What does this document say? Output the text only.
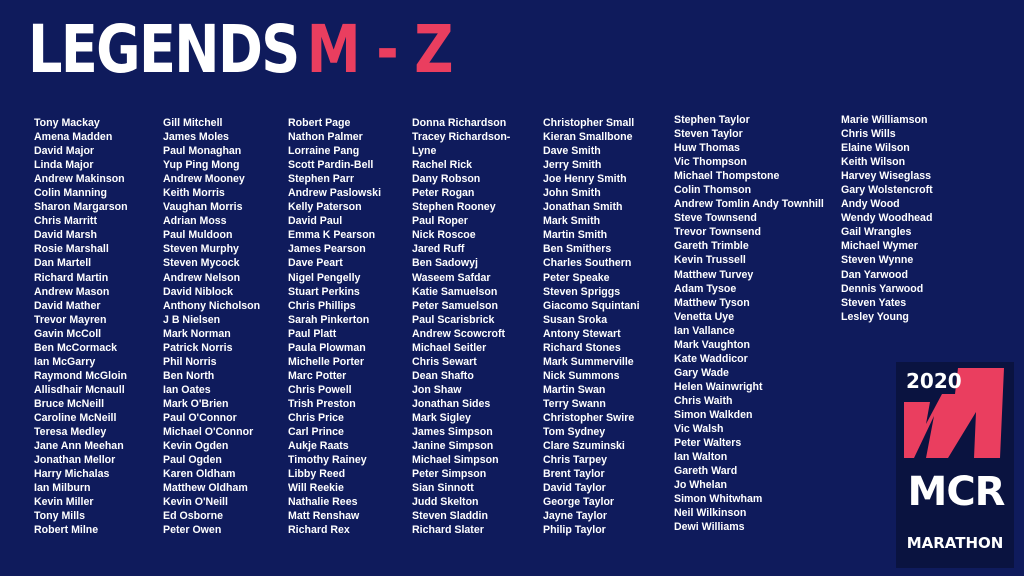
LEGENDS M - Z
Tony Mackay
Amena Madden
David Major
Linda Major
Andrew Makinson
Colin Manning
Sharon Margarson
Chris Marritt
David Marsh
Rosie Marshall
Dan Martell
Richard Martin
Andrew Mason
David Mather
Trevor Mayren
Gavin McColl
Ben McCormack
Ian McGarry
Raymond McGloin
Allisdhair Mcnaull
Bruce McNeill
Caroline McNeill
Teresa Medley
Jane Ann Meehan
Jonathan Mellor
Harry Michalas
Ian Milburn
Kevin Miller
Tony Mills
Robert Milne
Gill Mitchell
James Moles
Paul Monaghan
Yup Ping Mong
Andrew Mooney
Keith Morris
Vaughan Morris
Adrian Moss
Paul Muldoon
Steven Murphy
Steven Mycock
Andrew Nelson
David Niblock
Anthony Nicholson
J B Nielsen
Mark Norman
Patrick Norris
Phil Norris
Ben North
Ian Oates
Mark O'Brien
Paul O'Connor
Michael O'Connor
Kevin Ogden
Paul Ogden
Karen Oldham
Matthew Oldham
Kevin O'Neill
Ed Osborne
Peter Owen
Robert Page
Nathon Palmer
Lorraine Pang
Scott Pardin-Bell
Stephen Parr
Andrew Paslowski
Kelly Paterson
David Paul
Emma K Pearson
James Pearson
Dave Peart
Nigel Pengelly
Stuart Perkins
Chris Phillips
Sarah Pinkerton
Paul Platt
Paula Plowman
Michelle Porter
Marc Potter
Chris Powell
Trish Preston
Chris Price
Carl Prince
Aukje Raats
Timothy Rainey
Libby Reed
Will Reekie
Nathalie Rees
Matt Renshaw
Richard Rex
Donna Richardson
Tracey Richardson-
Lyne
Rachel Rick
Dany Robson
Peter Rogan
Stephen Rooney
Paul Roper
Nick Roscoe
Jared Ruff
Ben Sadowyj
Waseem Safdar
Katie Samuelson
Peter Samuelson
Paul Scarisbrick
Andrew Scowcroft
Michael Seitler
Chris Sewart
Dean Shafto
Jon Shaw
Jonathan Sides
Mark Sigley
James Simpson
Janine Simpson
Michael Simpson
Peter Simpson
Sian Sinnott
Judd Skelton
Steven Sladdin
Richard Slater
Christopher Small
Kieran Smallbone
Dave Smith
Jerry Smith
Joe Henry Smith
John Smith
Jonathan Smith
Mark Smith
Martin Smith
Ben Smithers
Charles Southern
Peter Speake
Steven Spriggs
Giacomo Squintani
Susan Sroka
Antony Stewart
Richard Stones
Mark Summerville
Nick Summons
Martin Swan
Terry Swann
Christopher Swire
Tom Sydney
Clare Szuminski
Chris Tarpey
Brent Taylor
David Taylor
George Taylor
Jayne Taylor
Philip Taylor
Stephen Taylor
Steven Taylor
Huw Thomas
Vic Thompson
Michael Thompstone
Colin Thomson
Andrew Tomlin Andy Townhill
Steve Townsend
Trevor Townsend
Gareth Trimble
Kevin Trussell
Matthew Turvey
Adam Tysoe
Matthew Tyson
Venetta Uye
Ian Vallance
Mark Vaughton
Kate Waddicor
Gary Wade
Helen Wainwright
Chris Waith
Simon Walkden
Vic Walsh
Peter Walters
Ian Walton
Gareth Ward
Jo Whelan
Simon Whitwham
Neil Wilkinson
Dewi Williams
Marie Williamson
Chris Wills
Elaine Wilson
Keith Wilson
Harvey Wiseglass
Gary Wolstencroft
Andy Wood
Wendy Woodhead
Gail Wrangles
Michael Wymer
Steven Wynne
Dan Yarwood
Dennis Yarwood
Steven Yates
Lesley Young
2020
MCR
MARATHON
